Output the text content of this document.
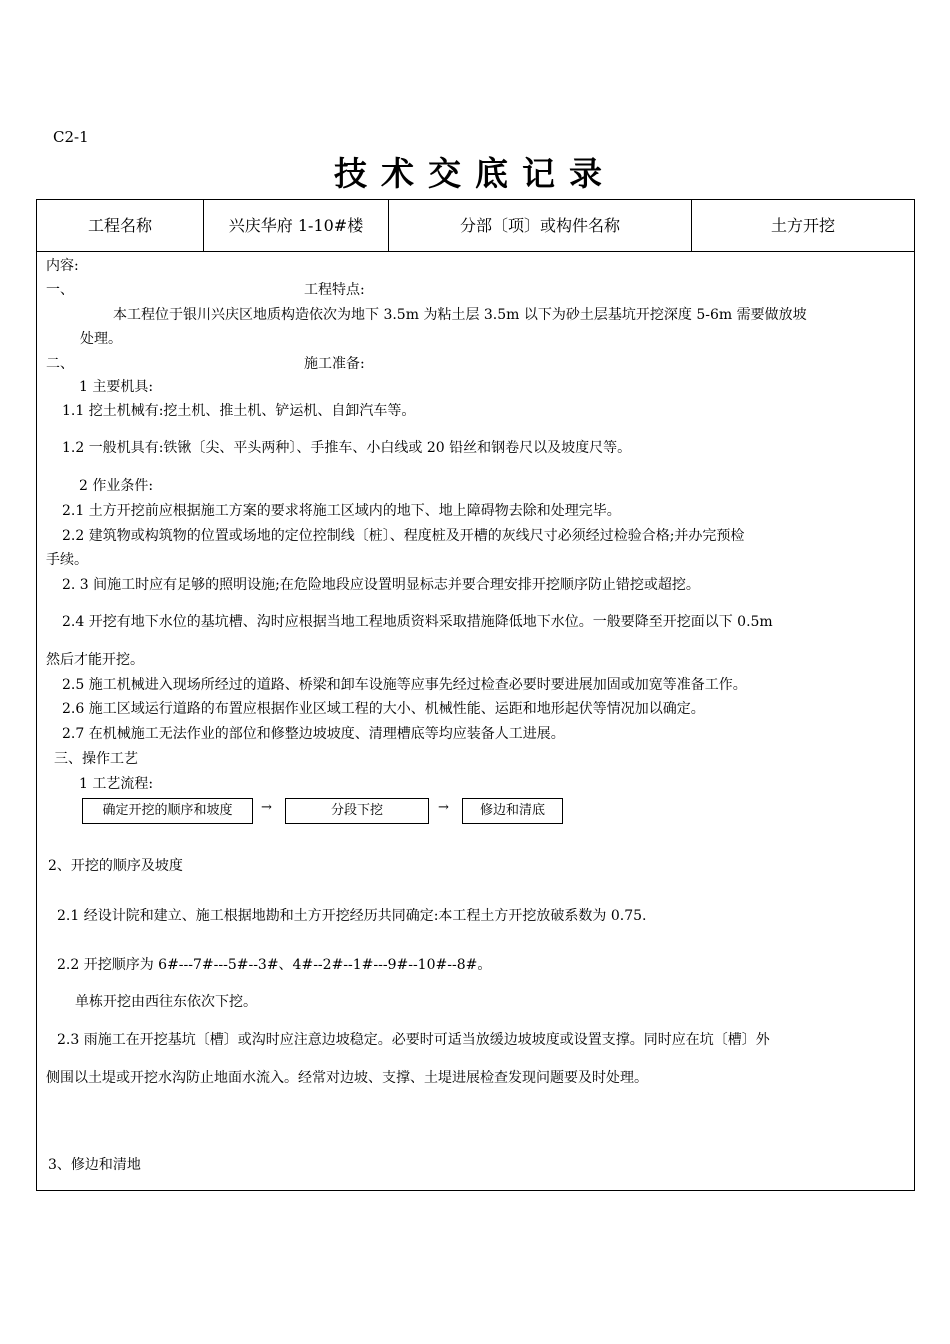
C2-1
技术交底记录
工程名称	兴庆华府 1-10#楼	分部〔项〕或构件名称	土方开挖
内容:
一、	工程特点:
本工程位于银川兴庆区地质构造依次为地下 3.5m 为粘土层 3.5m 以下为砂土层基坑开挖深度 5-6m 需要做放坡
处理。
二、	施工准备:
1 主要机具:
1.1 挖土机械有:挖土机、推土机、铲运机、自卸汽车等。
1.2 一般机具有:铁锹〔尖、平头两种〕、手推车、小白线或 20 铅丝和钢卷尺以及坡度尺等。
2 作业条件:
2.1 土方开挖前应根据施工方案的要求将施工区域内的地下、地上障碍物去除和处理完毕。
2.2 建筑物或构筑物的位置或场地的定位控制线〔桩〕、程度桩及开槽的灰线尺寸必须经过检验合格;并办完预检
手续。
2. 3 间施工时应有足够的照明设施;在危险地段应设置明显标志并要合理安排开挖顺序防止错挖或超挖。
2.4 开挖有地下水位的基坑槽、沟时应根据当地工程地质资料采取措施降低地下水位。一般要降至开挖面以下 0.5m
然后才能开挖。
2.5 施工机械进入现场所经过的道路、桥梁和卸车设施等应事先经过检查必要时要进展加固或加宽等准备工作。
2.6 施工区域运行道路的布置应根据作业区域工程的大小、机械性能、运距和地形起伏等情况加以确定。
2.7 在机械施工无法作业的部位和修整边坡坡度、清理槽底等均应装备人工进展。
三、操作工艺
1 工艺流程:
确定开挖的顺序和坡度	→	分段下挖	→	修边和清底
2、开挖的顺序及坡度
2.1 经设计院和建立、施工根据地勘和土方开挖经历共同确定:本工程土方开挖放破系数为 0.75.
2.2 开挖顺序为 6#---7#---5#--3#、4#--2#--1#---9#--10#--8#。
单栋开挖由西往东依次下挖。
2.3 雨施工在开挖基坑〔槽〕或沟时应注意边坡稳定。必要时可适当放缓边坡坡度或设置支撑。同时应在坑〔槽〕外
侧围以土堤或开挖水沟防止地面水流入。经常对边坡、支撑、土堤进展检查发现问题要及时处理。
3、修边和清地
